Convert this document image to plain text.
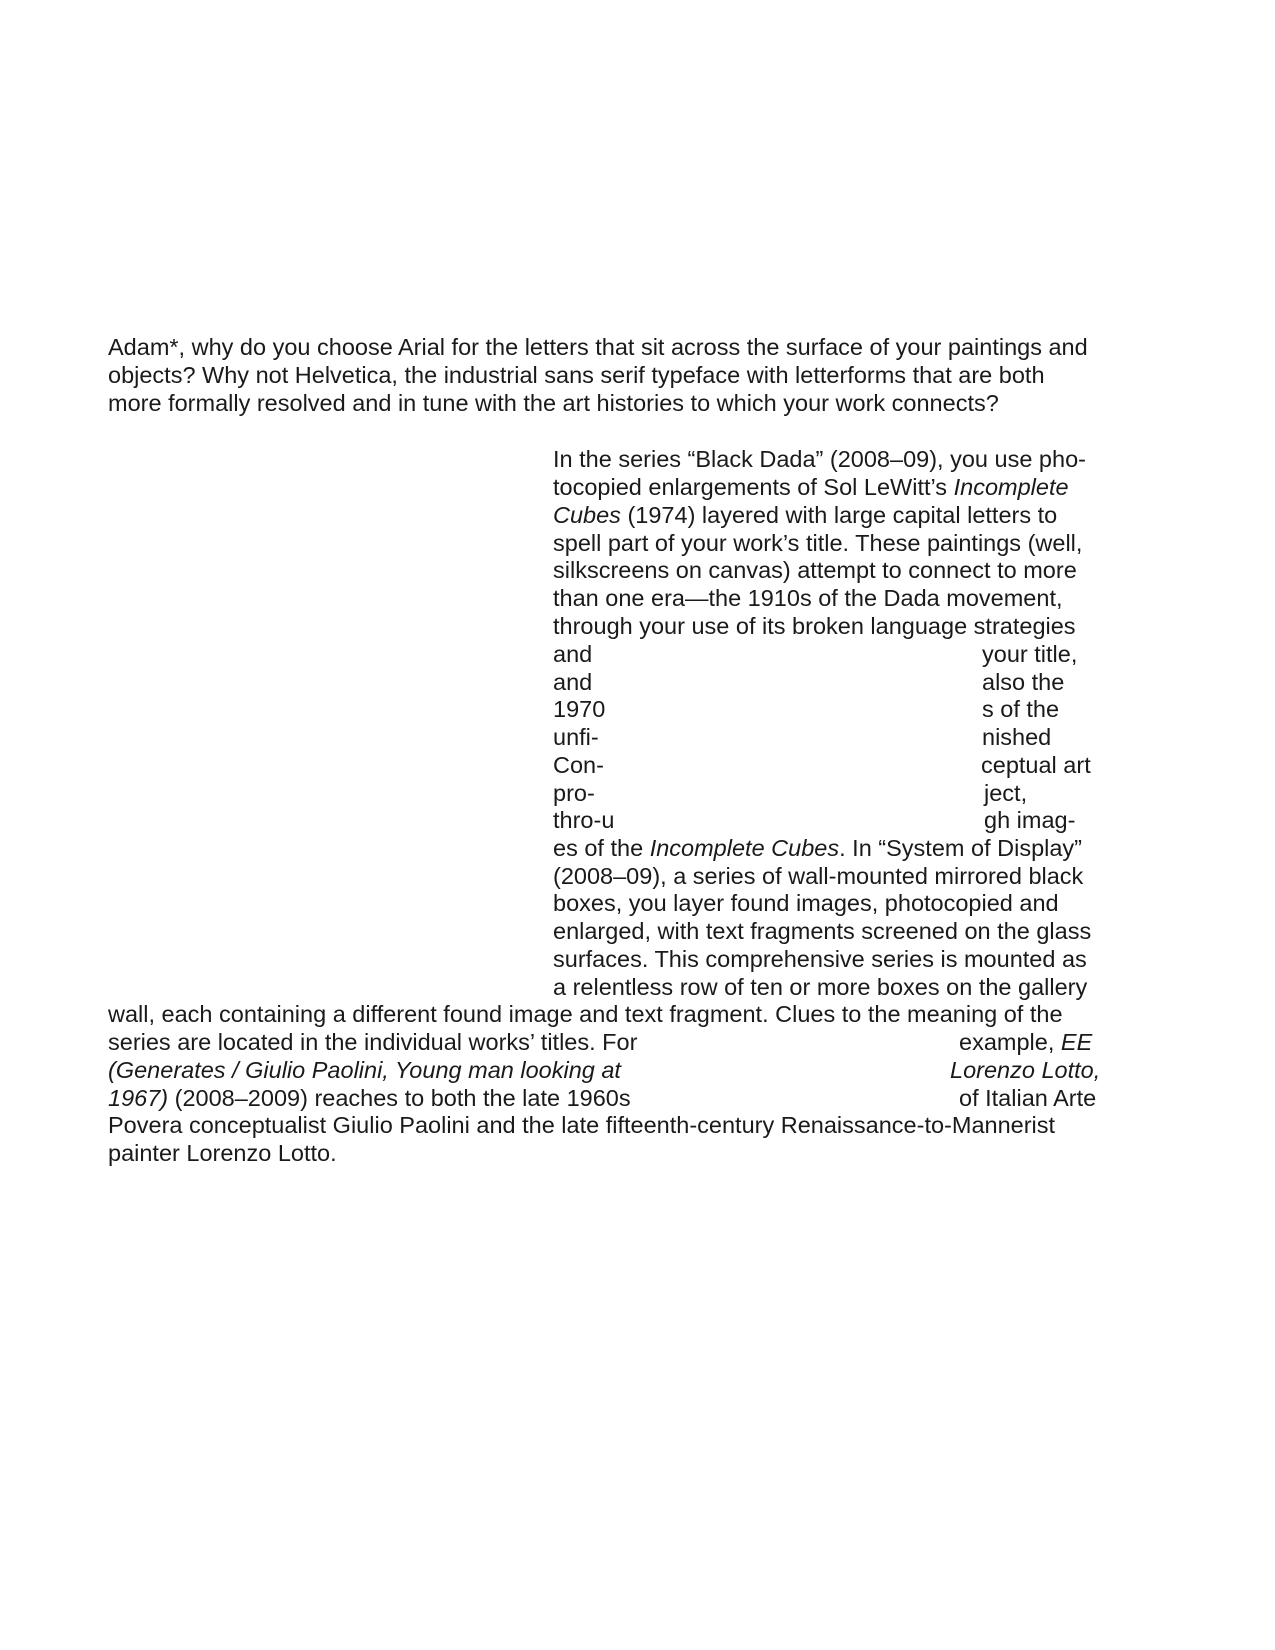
Adam*, why do you choose Arial for the letters that sit across the surface of your paintings and
objects? Why not Helvetica, the industrial sans serif typeface with letterforms that are both
more formally resolved and in tune with the art histories to which your work connects?
In the series “Black Dada” (2008–09), you use pho-
tocopied enlargements of Sol LeWitt’s Incomplete
Cubes (1974) layered with large capital letters to
spell part of your work’s title. These paintings (well,
silkscreens on canvas) attempt to connect to more
than one era—the 1910s of the Dada movement,
through your use of its broken language strategies
and	your title,
and	also the
1970	s of the
unfi-	nished
Con-	ceptual art
pro-	ject,
thro-u	gh imag-
es of the Incomplete Cubes. In “System of Display”
(2008–09), a series of wall-mounted mirrored black
boxes, you layer found images, photocopied and
enlarged, with text fragments screened on the glass
surfaces. This comprehensive series is mounted as
a relentless row of ten or more boxes on the gallery
wall, each containing a different found image and text fragment. Clues to the meaning of the
series are located in the individual works’ titles. For	example, EE
(Generates / Giulio Paolini, Young man looking at	Lorenzo Lotto,
1967) (2008–2009) reaches to both the late 1960s	of Italian Arte
Povera conceptualist Giulio Paolini and the late fifteenth-century Renaissance-to-Mannerist
painter Lorenzo Lotto.
